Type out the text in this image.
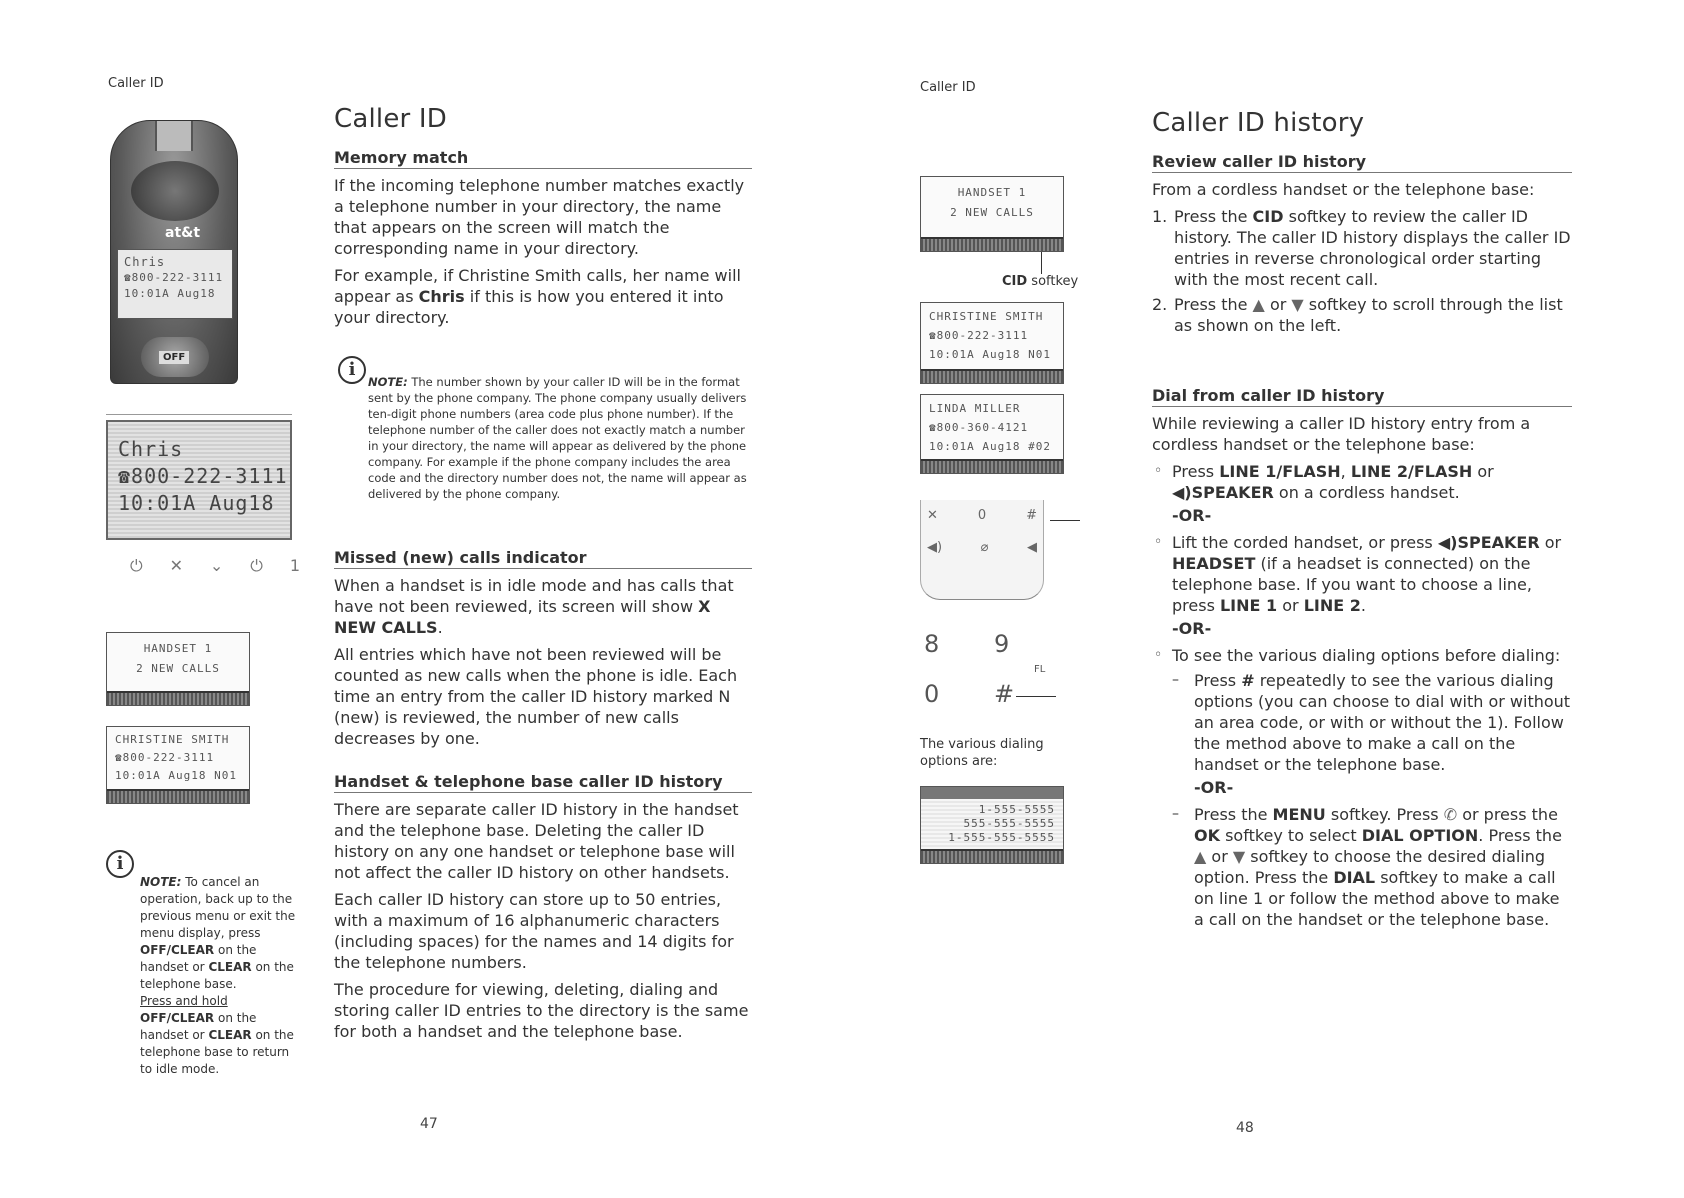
Caller ID
at&t
Chris
☎800-222-3111
10:01A Aug18
OFF
Chris
☎800-222-3111
10:01A Aug18
⏻ ✕ ⌄ ⏻ 1
HANDSET 1
2 NEW CALLS
CHRISTINE SMITH
☎800-222-3111
10:01A Aug18 N01
i
NOTE: To cancel an operation, back up to the previous menu or exit the menu display, press OFF/CLEAR on the handset or CLEAR on the telephone base.
Press and hold
OFF/CLEAR on the handset or CLEAR on the telephone base to return to idle mode.
Caller ID
Memory match

If the incoming telephone number matches exactly a telephone number in your directory, the name that appears on the screen will match the corresponding name in your directory.

For example, if Christine Smith calls, her name will appear as Chris if this is how you entered it into your directory.

i
NOTE: The number shown by your caller ID will be in the format sent by the phone company. The phone company usually delivers ten-digit phone numbers (area code plus phone number). If the telephone number of the caller does not exactly match a number in your directory, the name will appear as delivered by the phone company. For example if the phone company includes the area code and the directory number does not, the name will appear as delivered by the phone company.
Missed (new) calls indicator

When a handset is in idle mode and has calls that have not been reviewed, its screen will show X NEW CALLS.

All entries which have not been reviewed will be counted as new calls when the phone is idle. Each time an entry from the caller ID history marked N (new) is reviewed, the number of new calls decreases by one.

Handset & telephone base caller ID history

There are separate caller ID history in the handset and the telephone base. Deleting the caller ID history on any one handset or telephone base will not affect the caller ID history on other handsets.

Each caller ID history can store up to 50 entries, with a maximum of 16 alphanumeric characters (including spaces) for the names and 14 digits for the telephone numbers.

The procedure for viewing, deleting, dialing and storing caller ID entries to the directory is the same for both a handset and the telephone base.

47
Caller ID
HANDSET 1
2 NEW CALLS
CID softkey
CHRISTINE SMITH
☎800-222-3111
10:01A Aug18 N01
LINDA MILLER
☎800-360-4121
10:01A Aug18 #02
✕	0	#
◀)	⌀	◀
8 9
FL
0 #
The various dialing options are:
1-555-5555
555-555-5555
1-555-555-5555
Caller ID history
Review caller ID history

From a cordless handset or the telephone base:

1. Press the CID softkey to review the caller ID history. The caller ID history displays the caller ID entries in reverse chronological order starting with the most recent call.
2. Press the ▲ or ▼ softkey to scroll through the list as shown on the left.
Dial from caller ID history

While reviewing a caller ID history entry from a cordless handset or the telephone base:

◦ Press LINE 1/FLASH, LINE 2/FLASH or ◀)SPEAKER on a cordless handset.
-OR-
◦ Lift the corded handset, or press ◀)SPEAKER or HEADSET (if a headset is connected) on the telephone base. If you want to choose a line, press LINE 1 or LINE 2.
-OR-
◦ To see the various dialing options before dialing:
– Press # repeatedly to see the various dialing options (you can choose to dial with or without an area code, or with or without the 1). Follow the method above to make a call on the handset or the telephone base.
-OR-
– Press the MENU softkey. Press ✆ or press the OK softkey to select DIAL OPTION. Press the ▲ or ▼ softkey to choose the desired dialing option. Press the DIAL softkey to make a call on line 1 or follow the method above to make a call on the handset or the telephone base.
48
